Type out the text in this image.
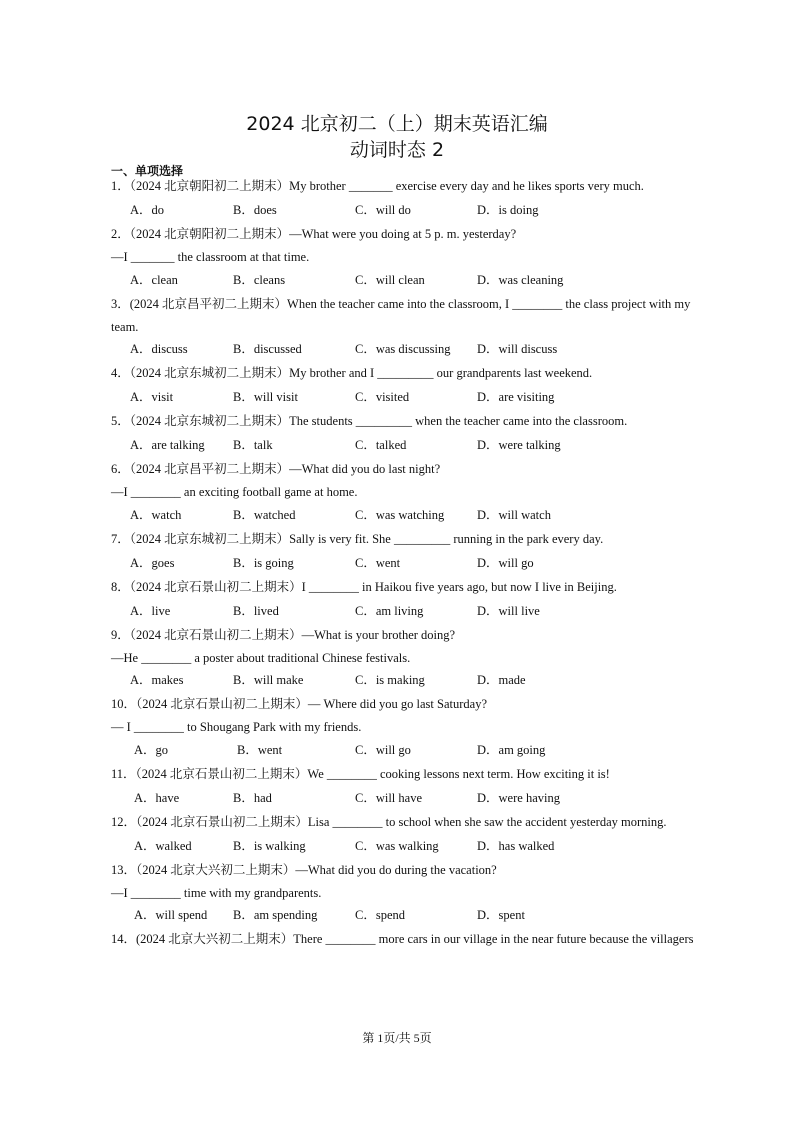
2024 北京初二（上）期末英语汇编
动词时态 2
一、单项选择
1．（2024 北京朝阳初二上期末）My brother _______ exercise every day and he likes sports very much.
A．do	B．does	C．will do	D．is doing
2．（2024 北京朝阳初二上期末）—What were you doing at 5 p. m. yesterday?
—I _______ the classroom at that time.
A．clean	B．cleans	C．will clean	D．was cleaning
3．(2024 北京昌平初二上期末）When the teacher came into the classroom, I ________ the class project with my
team.
A．discuss	B．discussed	C．was discussing D．will discuss
4．（2024 北京东城初二上期末）My brother and I _________ our grandparents last weekend.
A．visit	B．will visit	C．visited	D．are visiting
5．（2024 北京东城初二上期末）The students _________ when the teacher came into the classroom.
A．are talking B．talk	C．talked	D．were talking
6．（2024 北京昌平初二上期末）—What did you do last night?
—I ________ an exciting football game at home.
A．watch	B．watched	C．was watching	D．will watch
7．（2024 北京东城初二上期末）Sally is very fit. She _________ running in the park every day.
A．goes	B．is going	C．went	D．will go
8．（2024 北京石景山初二上期末）I ________ in Haikou five years ago, but now I live in Beijing.
A．live	B．lived	C．am living	D．will live
9．（2024 北京石景山初二上期末）—What is your brother doing?
—He ________ a poster about traditional Chinese festivals.
A．makes	B．will make	C．is making	D．made
10．（2024 北京石景山初二上期末）— Where did you go last Saturday?
— I ________ to Shougang Park with my friends.
A．go	B．went	C．will go	D．am going
11．（2024 北京石景山初二上期末）We ________ cooking lessons next term. How exciting it is!
A．have	B．had	C．will have	D．were having
12．（2024 北京石景山初二上期末）Lisa ________ to school when she saw the accident yesterday morning.
A．walked	B．is walking	C．was walking	D．has walked
13．（2024 北京大兴初二上期末）—What did you do during the vacation?
—I ________ time with my grandparents.
A．will spend B．am spending	C．spend	D．spent
14．(2024 北京大兴初二上期末）There ________ more cars in our village in the near future because the villagers
第 1页/共 5页
